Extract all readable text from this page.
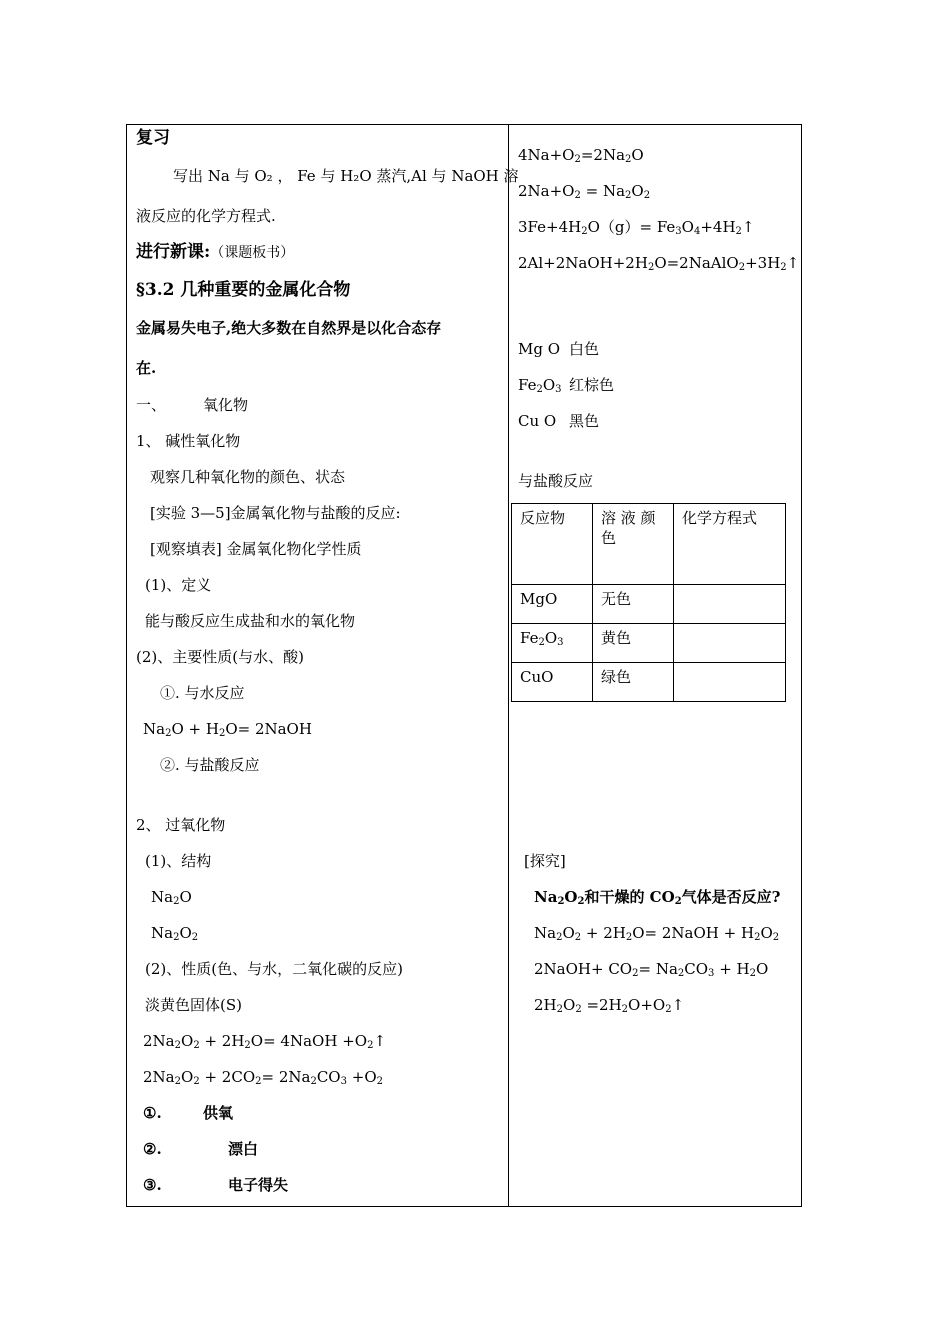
复习
写出 Na 与 O₂ ， Fe 与 H₂O 蒸汽,Al 与 NaOH 溶
液反应的化学方程式.
进行新课:（课题板书）
§3.2 几种重要的金属化合物
金属易失电子,绝大多数在自然界是以化合态存
在.
一、 氧化物
1、 碱性氧化物
观察几种氧化物的颜色、状态
[实验 3—5]金属氧化物与盐酸的反应:
[观察填表] 金属氧化物化学性质
(1)、定义
能与酸反应生成盐和水的氧化物
(2)、主要性质(与水、酸)
①. 与水反应
$Na_2O + H_2O=$ 2NaOH
②. 与盐酸反应
2、 过氧化物
(1)、结构
$Na_2O$
$Na_2O_2$
(2)、性质(色、与水，二氧化碳的反应)
淡黄色固体(S)
$2Na_2O_2 + 2H_2O=$ 4NaOH $+O_2↑$
$2Na_2O_2 + 2CO_2= 2Na_2CO_3 +O_2$
①.	供氧
②.	漂白
③.	电子得失
$4Na+O_2=2Na_2O$
$2Na+O_2 = Na_2O_2$
$3Fe+4H_2O(g)=$ $Fe_3O_4+4H_2↑$
$2Al+2NaOH+2H_2O=2NaAlO_2+3H_2↑$
Mg O 白色
$Fe_2O_3$ 红棕色
Cu O 黑色
与盐酸反应
反应物	溶 液 颜色	化学方程式
MgO	无色	
$Fe_2O_3$	黄色	
CuO	绿色	
[探究]
$Na_2O_2$和干燥的 $CO_2$气体是否反应?
$Na_2O_2 + 2H_2O=$ 2NaOH + $H_2O_2$
2NaOH+ $CO_2= Na_2CO_3 + H_2O$
$2H_2O_2$ $=2H_2O+O_2↑$
